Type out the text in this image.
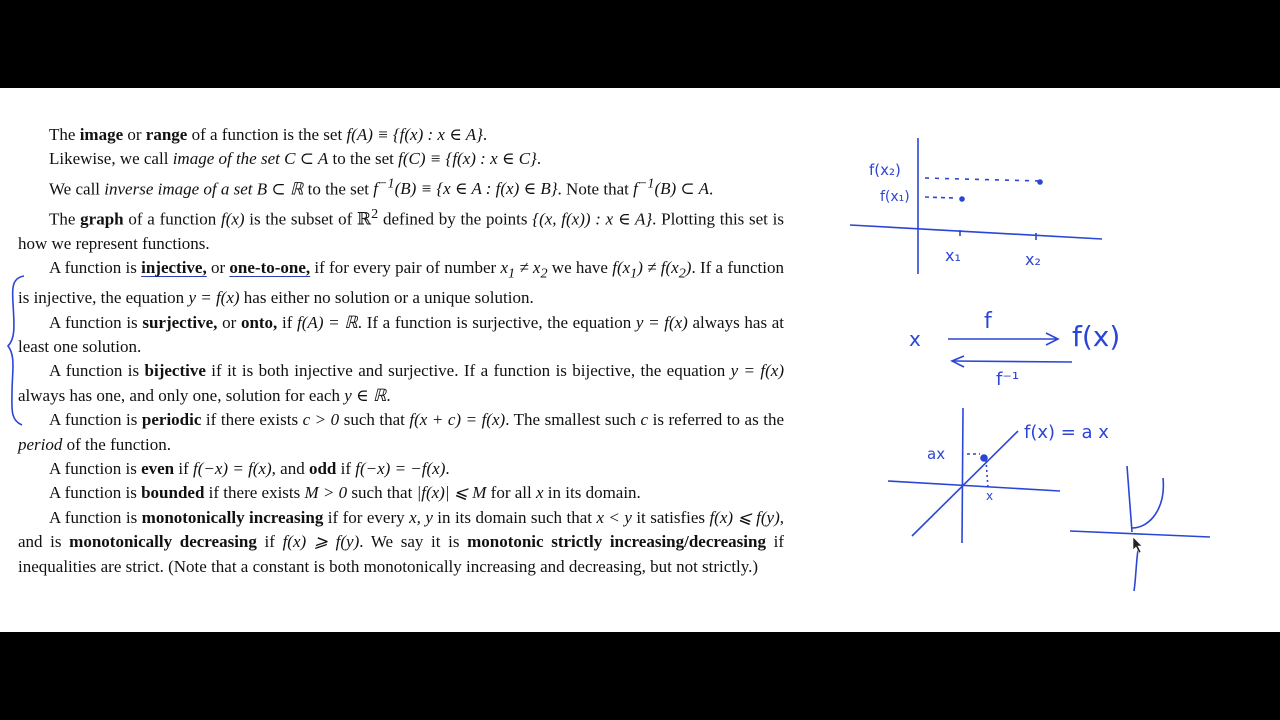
The image or range of a function is the set f(A) ≡ {f(x) : x ∈ A}.

Likewise, we call image of the set C ⊂ A to the set f(C) ≡ {f(x) : x ∈ C}.

We call inverse image of a set B ⊂ ℝ to the set $f^{-1}(B) \equiv \{x$ ∈ A : f(x) ∈ B}. Note that $f^{-1}(B)$ ⊂ A.

The graph of a function f(x) is the subset of ℝ$^2$ defined by the points {(x, f(x)) : x ∈ A}. Plotting this set is how we represent functions.

A function is injective, or one-to-one, if for every pair of number $x_1 \ne x_2$ we have $f(x_1) \ne f(x_2)$. If a function is injective, the equation y = f(x) has either no solution or a unique solution.

A function is surjective, or onto, if f(A) = ℝ. If a function is surjective, the equation y = f(x) always has at least one solution.

A function is bijective if it is both injective and surjective. If a function is bijective, the equation y = f(x) always has one, and only one, solution for each y ∈ ℝ.

A function is periodic if there exists c > 0 such that f(x + c) = f(x). The smallest such c is referred to as the period of the function.

A function is even if f(−x) = f(x), and odd if f(−x) = −f(x).

A function is bounded if there exists M > 0 such that |f(x)| ⩽ M for all x in its domain.

A function is monotonically increasing if for every x, y in its domain such that x < y it satisfies f(x) ⩽ f(y), and is monotonically decreasing if f(x) ⩾ f(y). We say it is monotonic strictly increasing/decreasing if inequalities are strict. (Note that a constant is both monotonically increasing and decreasing, but not strictly.)

f(x₂)
f(x₁)
x₁	x₂
x
f	f(x)
f⁻¹
ax
f(x) = a x
x
